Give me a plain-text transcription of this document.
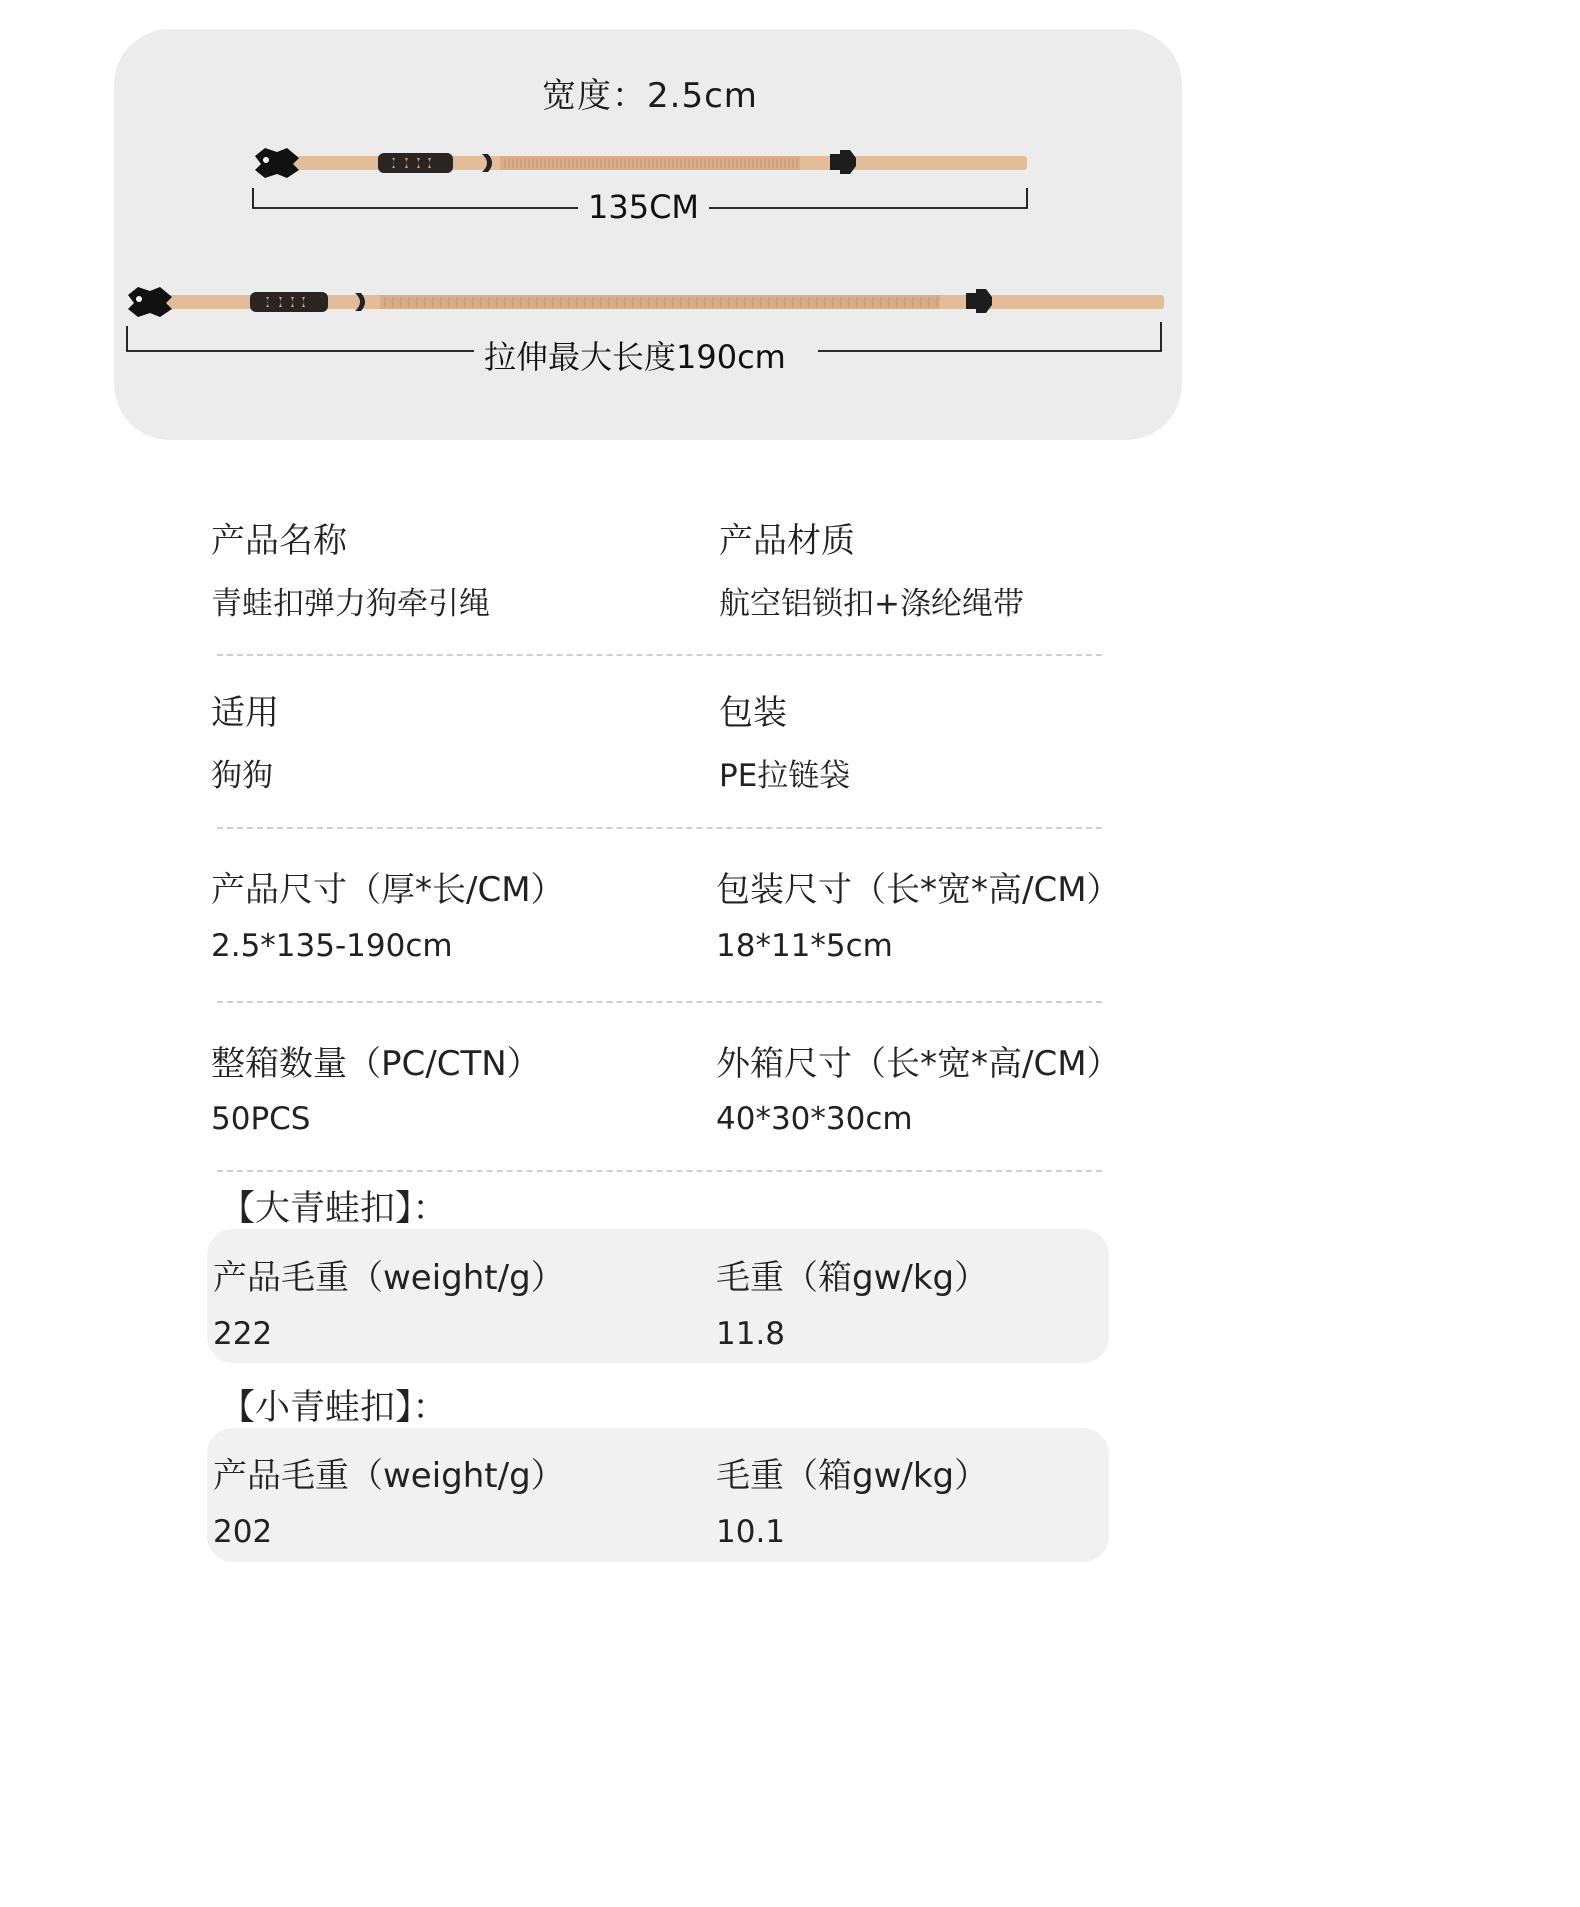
宽度：2.5cm
135CM
拉伸最大长度190cm
产品名称
青蛙扣弹力狗牵引绳
产品材质
航空铝锁扣+涤纶绳带
适用
狗狗
包装
PE拉链袋
产品尺寸（厚*长/CM）
2.5*135-190cm
包装尺寸（长*宽*高/CM）
18*11*5cm
整箱数量（PC/CTN）
50PCS
外箱尺寸（长*宽*高/CM）
40*30*30cm
【大青蛙扣】：
产品毛重（weight/g）
222
毛重（箱gw/kg）
11.8
【小青蛙扣】：
产品毛重（weight/g）
202
毛重（箱gw/kg）
10.1
